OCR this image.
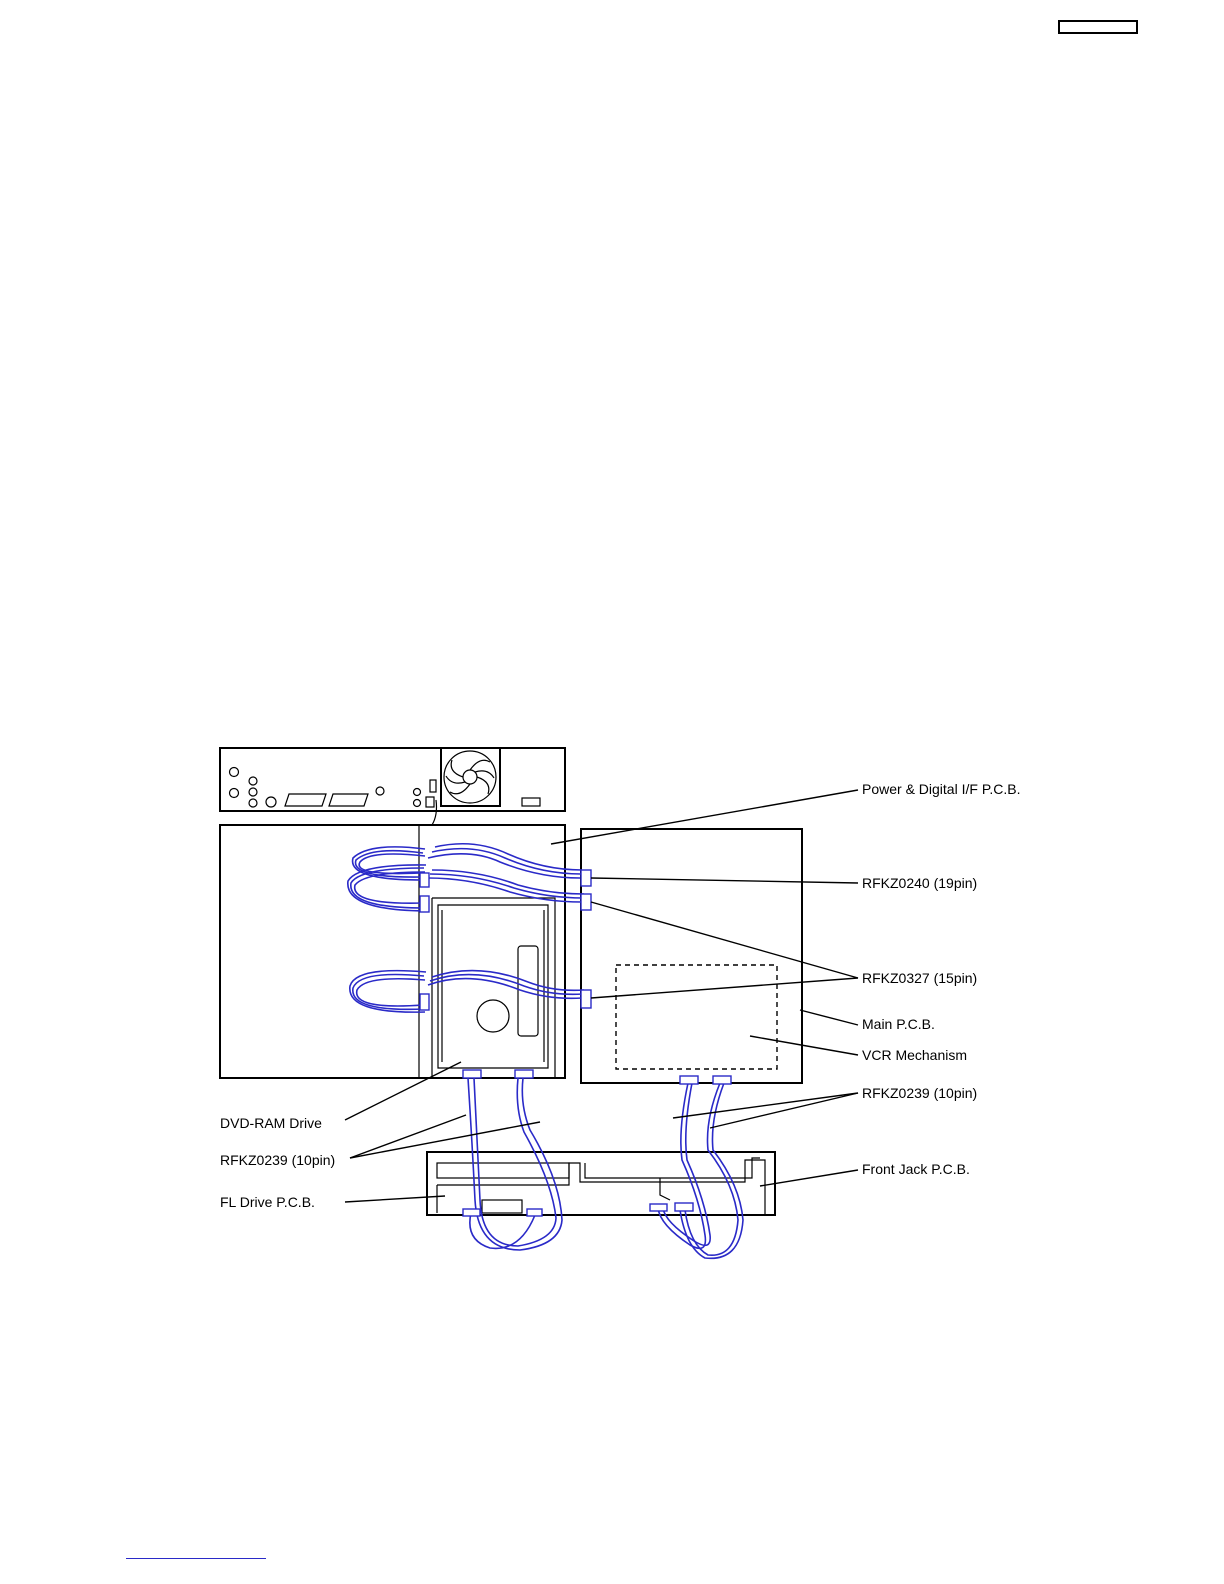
Power & Digital I/F P.C.B.
RFKZ0240 (19pin)
RFKZ0327 (15pin)
Main P.C.B.
VCR Mechanism
RFKZ0239 (10pin)
DVD-RAM Drive
RFKZ0239 (10pin)
Front Jack P.C.B.
FL Drive P.C.B.
